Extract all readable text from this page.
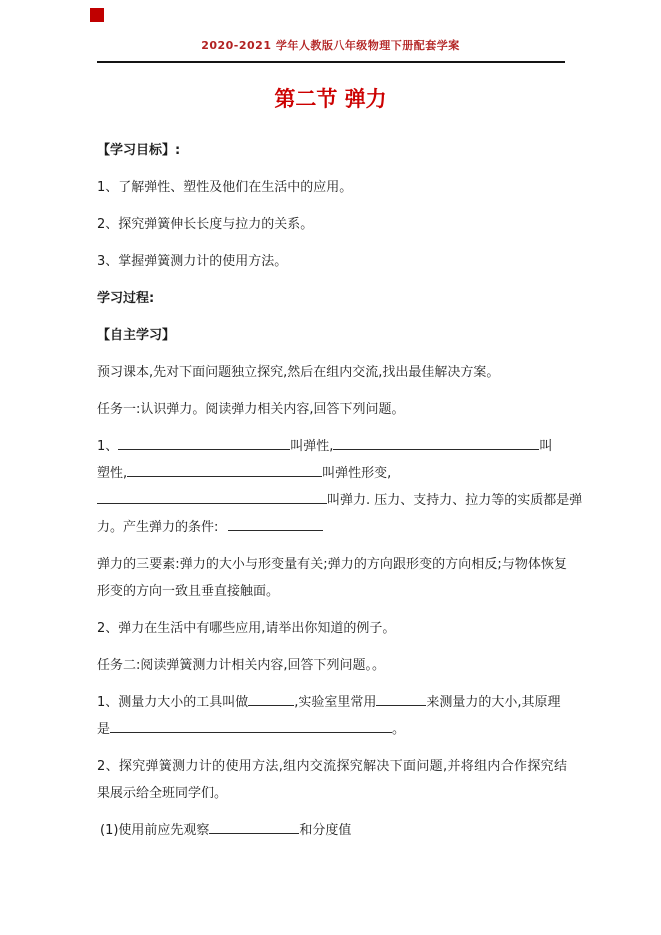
2020-2021 学年人教版八年级物理下册配套学案
第二节 弹力

【学习目标】:

1、了解弹性、塑性及他们在生活中的应用。

2、探究弹簧伸长长度与拉力的关系。

3、掌握弹簧测力计的使用方法。

学习过程:

【自主学习】

预习课本,先对下面问题独立探究,然后在组内交流,找出最佳解决方案。

任务一:认识弹力。阅读弹力相关内容,回答下列问题。

1、	叫弹性,	叫
塑性,	叫弹性形变,
叫弹力. 压力、支持力、拉力等的实质都是弹
力。产生弹力的条件:

弹力的三要素:弹力的大小与形变量有关;弹力的方向跟形变的方向相反;与物体恢复形变的方向一致且垂直接触面。

2、弹力在生活中有哪些应用,请举出你知道的例子。

任务二:阅读弹簧测力计相关内容,回答下列问题。。

1、测量力大小的工具叫做	,实验室里常用	来测量力的大小,其原理
是	。

2、探究弹簧测力计的使用方法,组内交流探究解决下面问题,并将组内合作探究结果展示给全班同学们。

(1)使用前应先观察	和分度值
